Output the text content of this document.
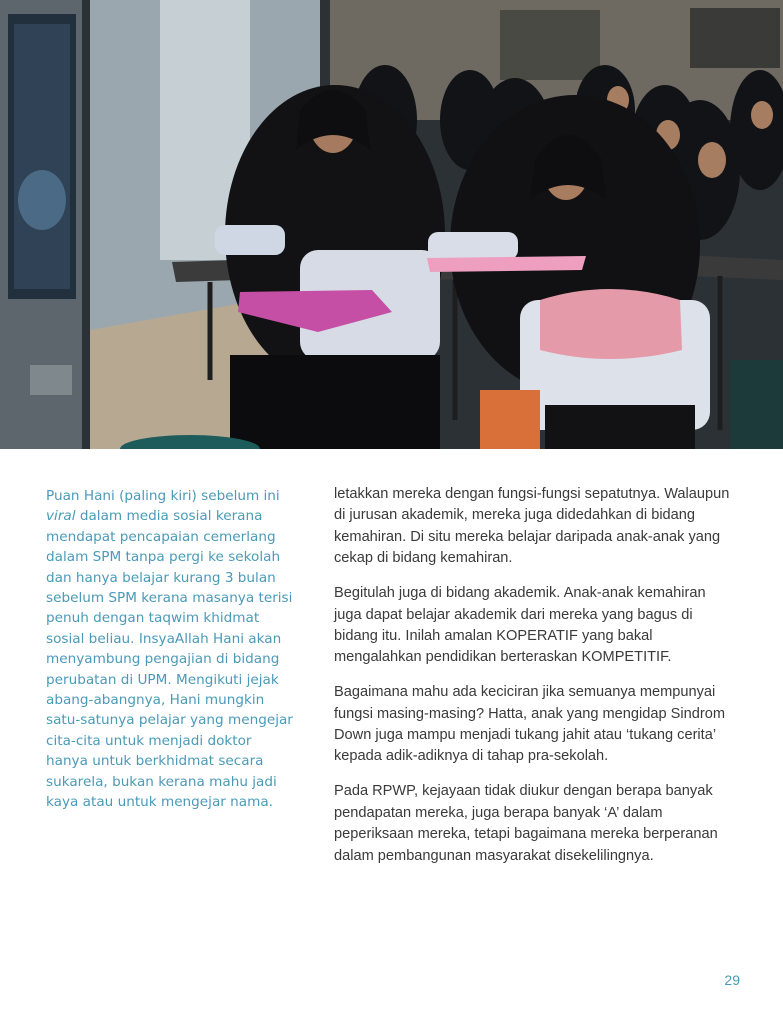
Puan Hani (paling kiri) sebelum ini viral dalam media sosial kerana mendapat pencapaian cemerlang dalam SPM tanpa pergi ke sekolah dan hanya belajar kurang 3 bulan sebelum SPM kerana masanya terisi penuh dengan taqwim khidmat sosial beliau. InsyaAllah Hani akan menyambung pengajian di bidang perubatan di UPM. Mengikuti jejak abang-abangnya, Hani mungkin satu-satunya pelajar yang mengejar cita-cita untuk menjadi doktor hanya untuk berkhidmat secara sukarela, bukan kerana mahu jadi kaya atau untuk mengejar nama.

letakkan mereka dengan fungsi-fungsi sepatutnya. Walaupun di jurusan akademik, mereka juga didedahkan di bidang kemahiran. Di situ mereka belajar daripada anak-anak yang cekap di bidang kemahiran.

Begitulah juga di bidang akademik. Anak-anak kemahiran juga dapat belajar akademik dari mereka yang bagus di bidang itu. Inilah amalan KOPERATIF yang bakal mengalahkan pendidikan berteraskan KOMPETITIF.

Bagaimana mahu ada keciciran jika semuanya mempunyai fungsi masing-masing? Hatta, anak yang mengidap Sindrom Down juga mampu menjadi tukang jahit atau ‘tukang cerita’ kepada adik-adiknya di tahap pra-sekolah.

Pada RPWP, kejayaan tidak diukur dengan berapa banyak pendapatan mereka, juga berapa banyak ‘A’ dalam peperiksaan mereka, tetapi bagaimana mereka berperanan dalam pembangunan masyarakat disekelilingnya.

29
